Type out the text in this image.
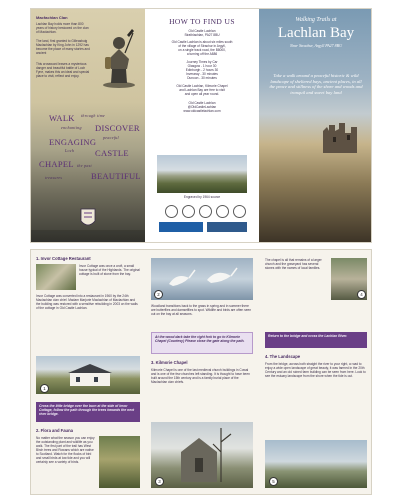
Macfachlan Clan
Lachlan Bay holds more than 800 years of history bestowed on the clan of Maclachlan.
The land, first granted to Gilleasbuig Maclachlan by King John in 1292 has become the place of many stories and ancient
This crossword leaves a mysterious danger and beautiful battle of Loch Fyne, makes this an ideal and special place to visit, reflect and enjoy.
WALK through time
DISCOVER
enchanting
peaceful
ENGAGING
Loch CASTLE
CHAPEL the past
BEAUTIFUL
treasures
HOW TO FIND US
Old Castle Lachlan
Strathlachlan, PA27 8BU
Old Castle Lachlan is about six miles south
of the village of Strachur in Argyll,
on a single track road, the B8000,
a turning off the A886
Journey Times by Car
Glasgow - 1 hour 30
Edinburgh - 2 hours 30
Inveraray - 30 minutes
Dunoon - 30 minutes
Old Castle Lachlan, Kilmorie Chapel
and Lachlan Bay are free to visit
and open all year round.
Old Castle Lachlan
@OldCastleLachlan
www.oldcastlelachlan.com
Engraved by 1964 source
Walking Trails at
Lachlan Bay
Near Strachur, Argyll PA27 8BU
Take a walk around a peaceful historic & wild landscape of sheltered bays, ancient places, in all the peace and stillness of the shore and woods and tranquil and sweet bay land
1. Invor Cottage Restaurant
Invor Cottage was once a croft, a small house typical of the Highlands. The original cottage is built of stone from the bay.
Invor Cottage was converted into a restaurant in 1960 by the 24th Maclachlan clan chief. Madam Marjorie Maclachlan of Maclachlan and the building was restored with a sensitive rebuilding in 2003 on the walls of the cottage in Old Castle Lachlan.
1
Cross the little bridge over the burn at the side of Invor Cottage, follow the path through the trees towards the next river bridge.
2. Flora and Fauna
No matter what the season you can enjoy the outstanding plant and wildlife as you walk. The first part of the trail has West Birch trees and Rowans which are native to Scotland. Watch for the flocks of bird and small birds at low tide and you will certainly see a variety of birds.
2
Woodland transitions back to the grass in spring and in summer there are butterflies and damselflies to spot. Wildlife and birds are often seen out on the bay at all seasons.
At the wood dark take the right fork to go to Kilmorie Chapel (Courtesy) Please close the gate along the path.
3. Kilmorie Chapel
Kilmorie Chapel is one of the last medieval church buildings in Cowal and is one of the few churches left standing. It is thought to have been built around the 15th century and is a family burial place of the Maclachlan clan chiefs.
3
The chapel is all that remains of a larger church and the graveyard has several stones with the names of local families.
4
Return to the bridge and cross the Lachlan River.
4. The Landscape
From the bridge, across both straight the river to your right, a road to enjoy a wide open landscape of great beauty, it was farmed in the 20th Century and an old ruined farm building can be seen from here. Look to see the estuary landscape from the shore when the tide is out.
5
